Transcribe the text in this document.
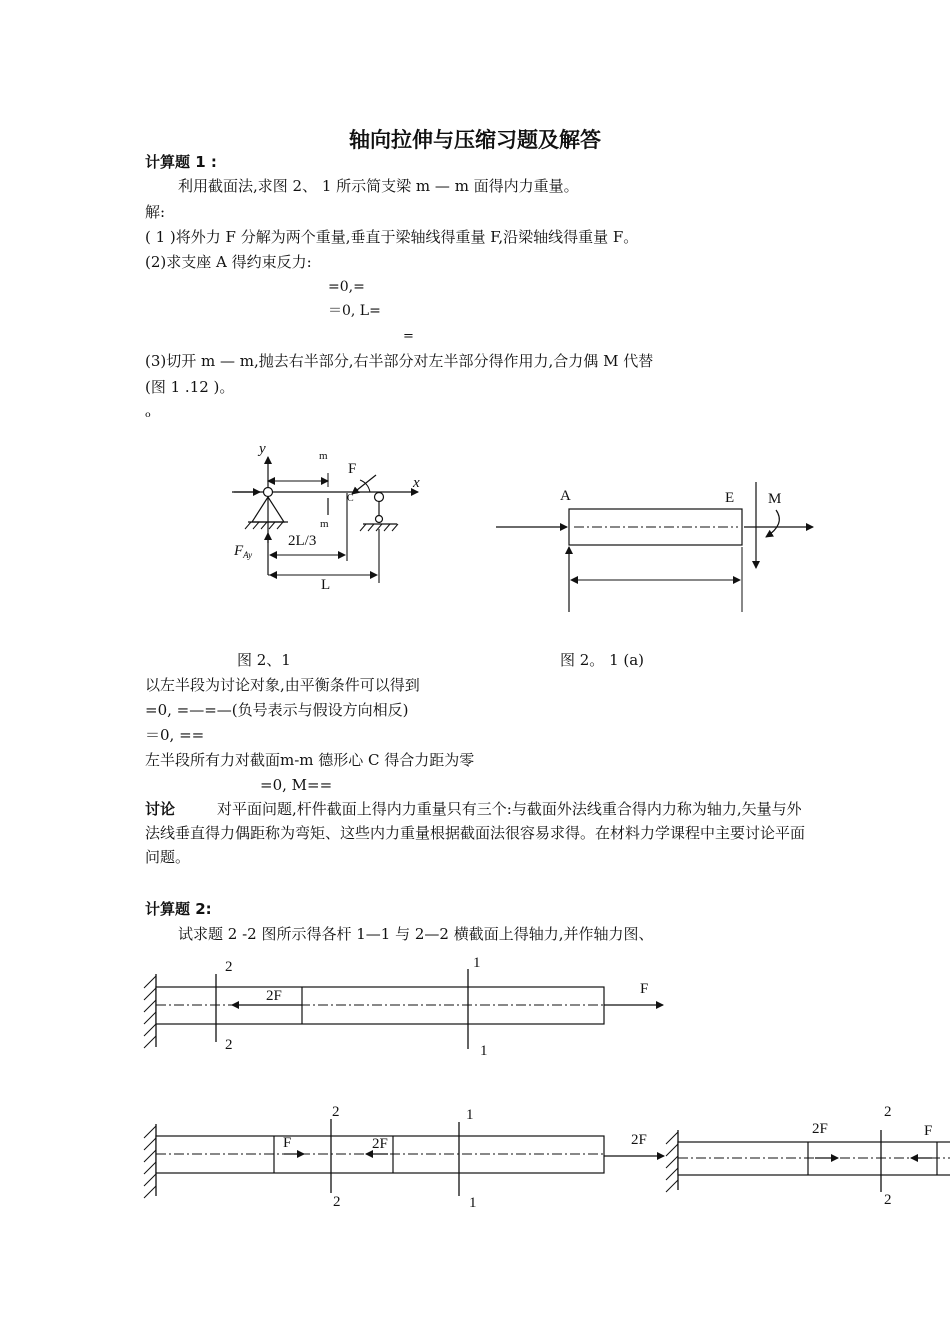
轴向拉伸与压缩习题及解答
计算题 1 :
利用截面法,求图 2、 1 所示简支梁 m — m 面得内力重量。
解:
( 1 )将外力 F 分解为两个重量,垂直于梁轴线得重量 F,沿梁轴线得重量 F。
(2)求支座 A 得约束反力:
=0,=
＝0, L=
=
(3)切开 m — m,抛去右半部分,右半部分对左半部分得作用力,合力偶 M 代替
(图 1 .12 )。
ₒ
F
m
m
$F_{Ay}$
2L/3
L
y
x
C	A	E M
图 2、1	图 2。 1 (a)
以左半段为讨论对象,由平衡条件可以得到
=0, =—=—(负号表示与假设方向相反)
＝0, ==
左半段所有力对截面m-m 德形心 C 得合力距为零
=0, M==
讨论	对平面问题,杆件截面上得内力重量只有三个:与截面外法线重合得内力称为轴力,矢量与外法线垂直得力偶距称为弯矩、这些内力重量根据截面法很容易求得。在材料力学课程中主要讨论平面问题。
计算题 2:
试求题 2 -2 图所示得各杆 1—1 与 2—2 横截面上得轴力,并作轴力图、
2
2
1
1
2F	F
2
2
1
1
F	2F	2F
2F
2
2
F
